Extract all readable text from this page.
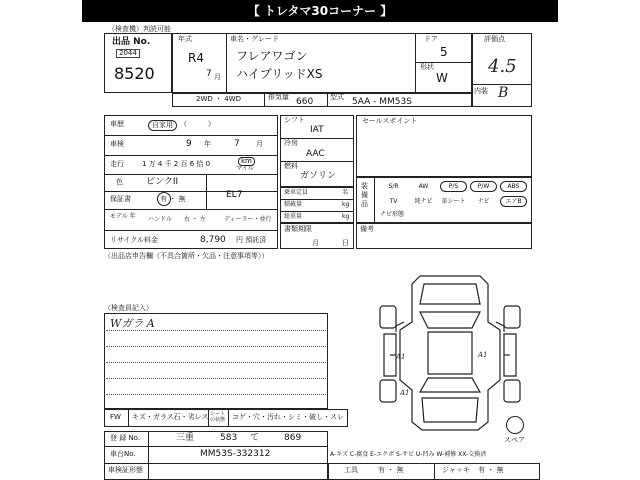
【 トレタマ30コーナー 】
（検査機）判読可能
出品 No.
2044
8520
年式
R4
7 月
車名・グレード
フレアワゴン
ハイブリッドXS
ドア
5
形状
W
評価点
4.5
内装 B
2WD ・ 4WD	排気量 660 型式 5AA - MM53S
車歴	自家用	（　　　）
車検	9 年	7 月
走行	1 万 4 千 2 百 6 拾 0	km
マイル
色	ピンクII
EL7
保証書	有 ・ 無
モデル 年 ハンドル 右 ・ 左	ディーラー・並行
リサイクル料金	8,790 円 預託済
シフト
IAT
冷房
AAC
燃料
ガソリン
乗車定員	名
積載量	kg
総重量	kg
書類期限
月	日
セールスポイント
装備品
S/R	AW	P/S	P/W	ABS
TV	純ナビ	革シート	ナビ	エアB
ナビ形態
備考
（出品店申告欄（不具合箇所・欠品・注意事項等））
（検査員記入）
Wガラ A
A1	A1
A1
スペア
FW キズ・ガラス石・劣レス シートの状態 コゲ・穴・汚れ・シミ・破し・スレ
登 録 No.	三重	583 て	869
車台No.	MM53S-332312
車検証形態
A-キズ C-腐食 E-エクボ S-サビ U-凹み W-補修 XX-交換済
工具	有 ・ 無	ジャッキ 有 ・ 無
